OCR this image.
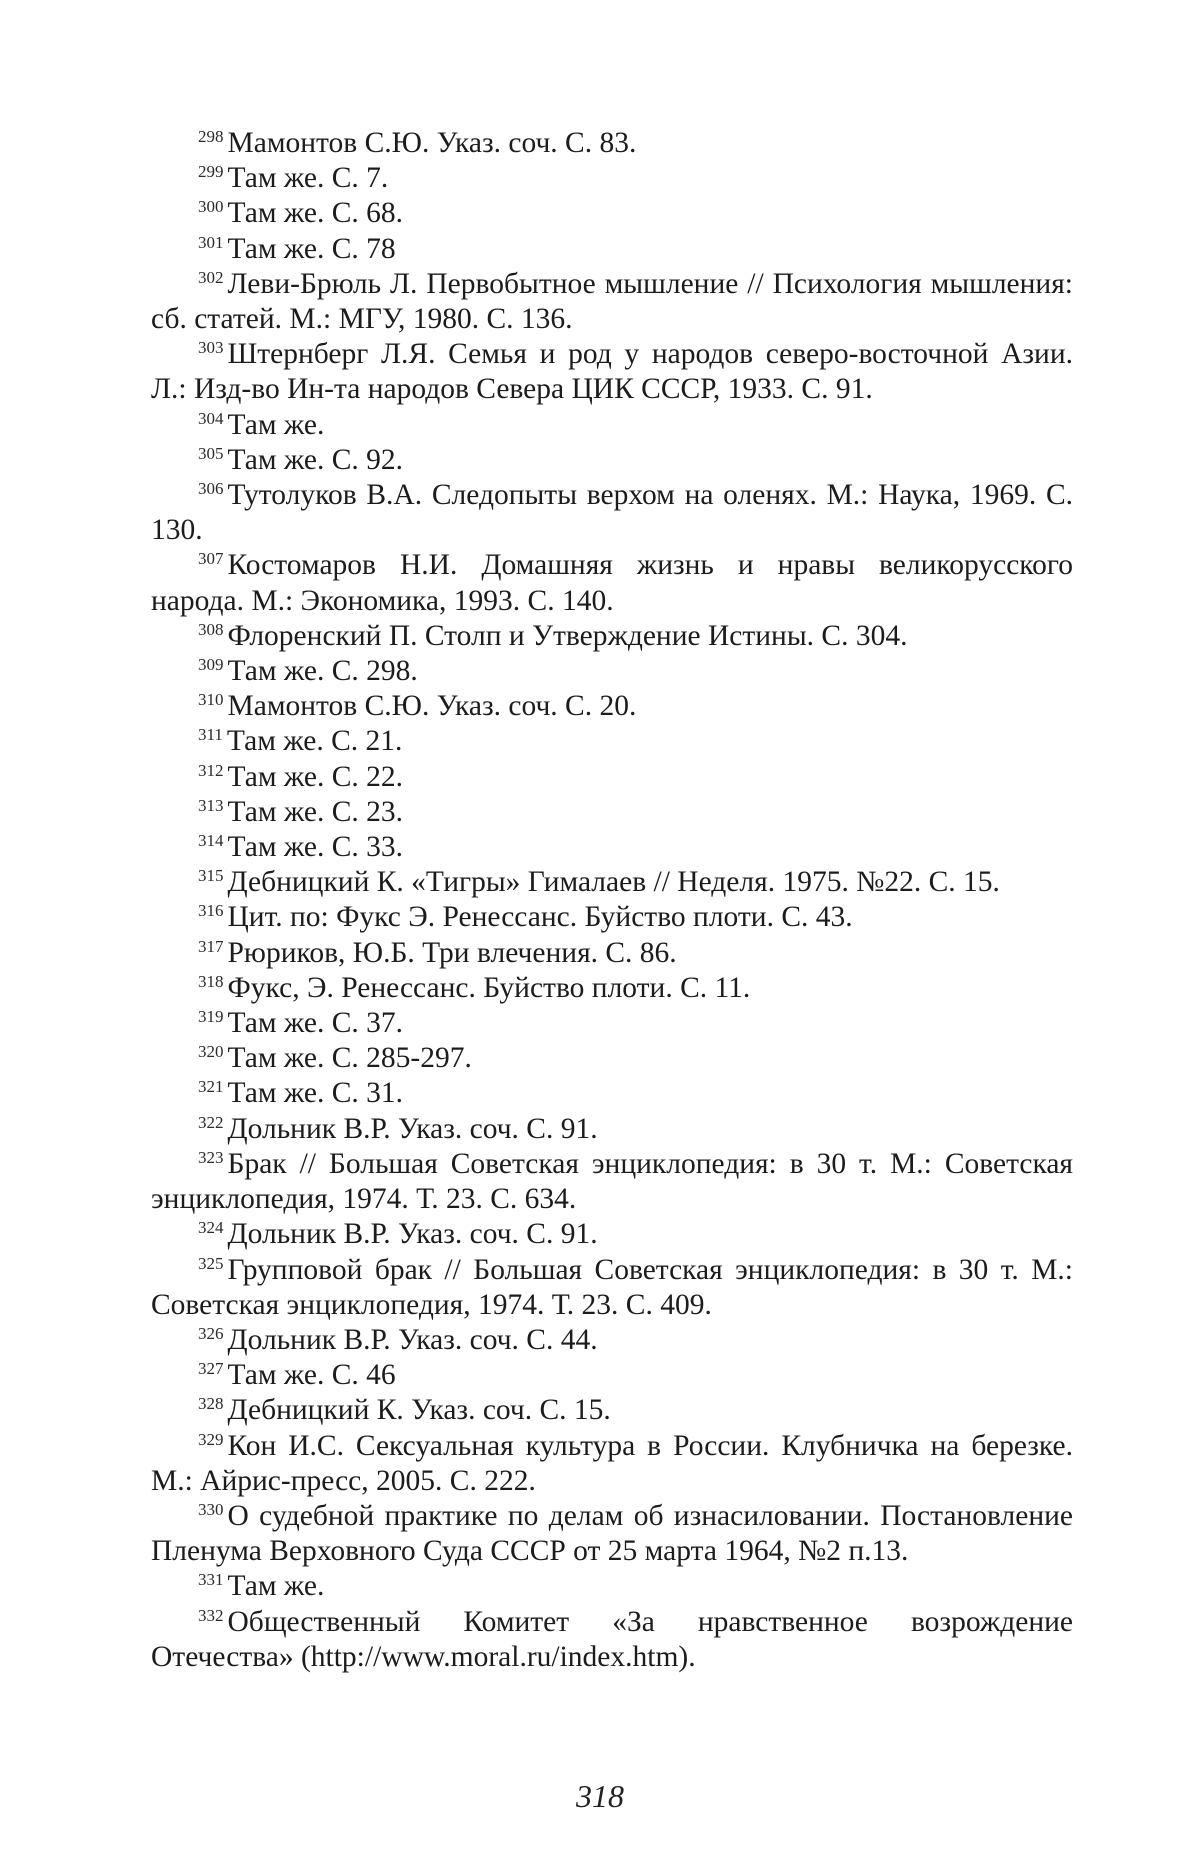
298 Мамонтов С.Ю. Указ. соч. С. 83.
299 Там же. С. 7.
300 Там же. С. 68.
301 Там же. С. 78
302 Леви-Брюль Л. Первобытное мышление // Психология мышления: сб. статей. М.: МГУ, 1980. С. 136.
303 Штернберг Л.Я. Семья и род у народов северо-восточной Азии. Л.: Изд-во Ин-та народов Севера ЦИК СССР, 1933. С. 91.
304 Там же.
305 Там же. С. 92.
306 Тутолуков В.А. Следопыты верхом на оленях. М.: Наука, 1969. С. 130.
307 Костомаров Н.И. Домашняя жизнь и нравы великорусского народа. М.: Экономика, 1993. С. 140.
308 Флоренский П. Столп и Утверждение Истины. С. 304.
309 Там же. С. 298.
310 Мамонтов С.Ю. Указ. соч. С. 20.
311 Там же. С. 21.
312 Там же. С. 22.
313 Там же. С. 23.
314 Там же. С. 33.
315 Дебницкий К. «Тигры» Гималаев // Неделя. 1975. №22. С. 15.
316 Цит. по: Фукс Э. Ренессанс. Буйство плоти. С. 43.
317 Рюриков, Ю.Б. Три влечения. С. 86.
318 Фукс, Э. Ренессанс. Буйство плоти. С. 11.
319 Там же. С. 37.
320 Там же. С. 285-297.
321 Там же. С. 31.
322 Дольник В.Р. Указ. соч. С. 91.
323 Брак // Большая Советская энциклопедия: в 30 т. М.: Советская энциклопедия, 1974. Т. 23. С. 634.
324 Дольник В.Р. Указ. соч. С. 91.
325 Групповой брак // Большая Советская энциклопедия: в 30 т. М.: Советская энциклопедия, 1974. Т. 23. С. 409.
326 Дольник В.Р. Указ. соч. С. 44.
327 Там же. С. 46
328 Дебницкий К. Указ. соч. С. 15.
329 Кон И.С. Сексуальная культура в России. Клубничка на березке. М.: Айрис-пресс, 2005. С. 222.
330 О судебной практике по делам об изнасиловании. Постановление Пленума Верховного Суда СССР от 25 марта 1964, №2 п.13.
331 Там же.
332 Общественный Комитет «За нравственное возрождение Отечества» (http://www.moral.ru/index.htm).
318
